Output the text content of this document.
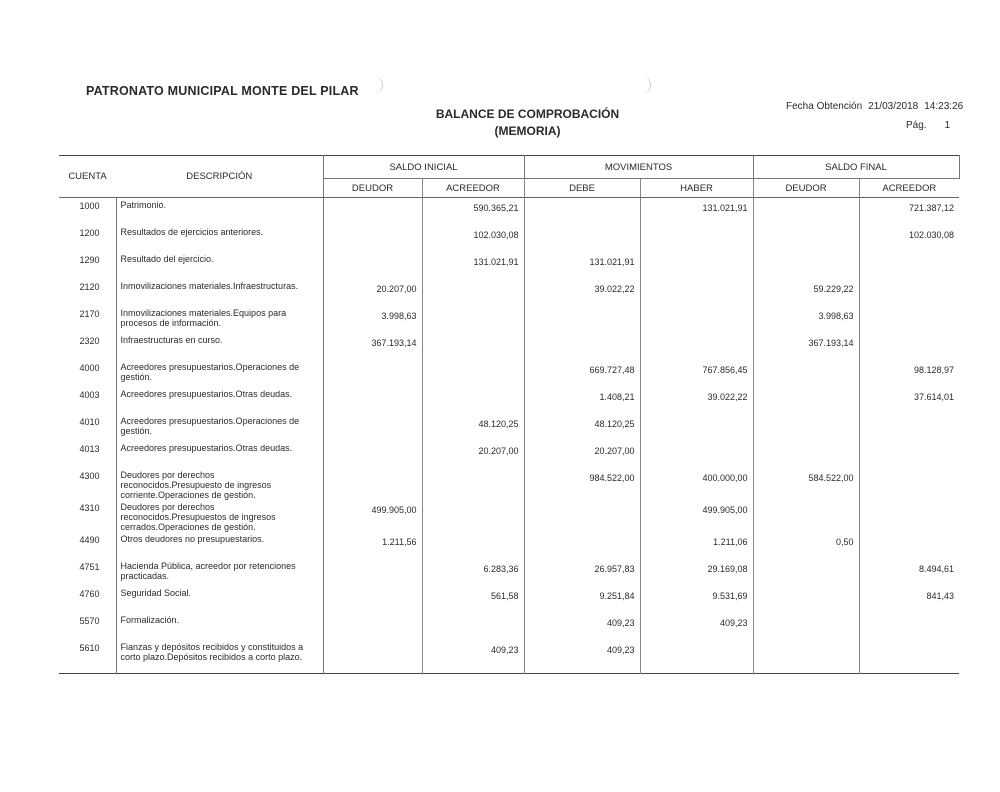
PATRONATO MUNICIPAL MONTE DEL PILAR
BALANCE DE COMPROBACIÓN
(MEMORIA)
Fecha Obtención 21/03/2018 14:23:26
Pág. 1
CUENTA	DESCRIPCIÓN	SALDO INICIAL		MOVIMIENTOS		SALDO FINAL	
		DEUDOR	ACREEDOR	DEBE	HABER	DEUDOR	ACREEDOR
1000	Patrimonio.		590.365,21		131.021,91		721.387,12
1200	Resultados de ejercicios anteriores.		102.030,08				102.030,08
1290	Resultado del ejercicio.		131.021,91	131.021,91			
2120	Inmovilizaciones materiales.Infraestructuras.	20.207,00		39.022,22		59.229,22	
2170	Inmovilizaciones materiales.Equipos para procesos de información.	3.998,63				3.998,63	
2320	Infraestructuras en curso.	367.193,14				367.193,14	
4000	Acreedores presupuestarios.Operaciones de gestión.			669.727,48	767.856,45		98.128,97
4003	Acreedores presupuestarios.Otras deudas.			1.408,21	39.022,22		37.614,01
4010	Acreedores presupuestarios.Operaciones de gestión.		48.120,25	48.120,25			
4013	Acreedores presupuestarios.Otras deudas.		20.207,00	20.207,00			
4300	Deudores por derechos reconocidos.Presupuesto de ingresos corriente.Operaciones de gestión.			984.522,00	400.000,00	584.522,00	
4310	Deudores por derechos reconocidos.Presupuestos de ingresos cerrados.Operaciones de gestión.	499.905,00			499.905,00		
4490	Otros deudores no presupuestarios.	1.211,56			1.211,06	0,50	
4751	Hacienda Pública, acreedor por retenciones practicadas.		6.283,36	26.957,83	29.169,08		8.494,61
4760	Seguridad Social.		561,58	9.251,84	9.531,69		841,43
5570	Formalización.			409,23	409,23		
5610	Fianzas y depósitos recibidos y constituidos a corto plazo.Depósitos recibidos a corto plazo.		409,23	409,23			
